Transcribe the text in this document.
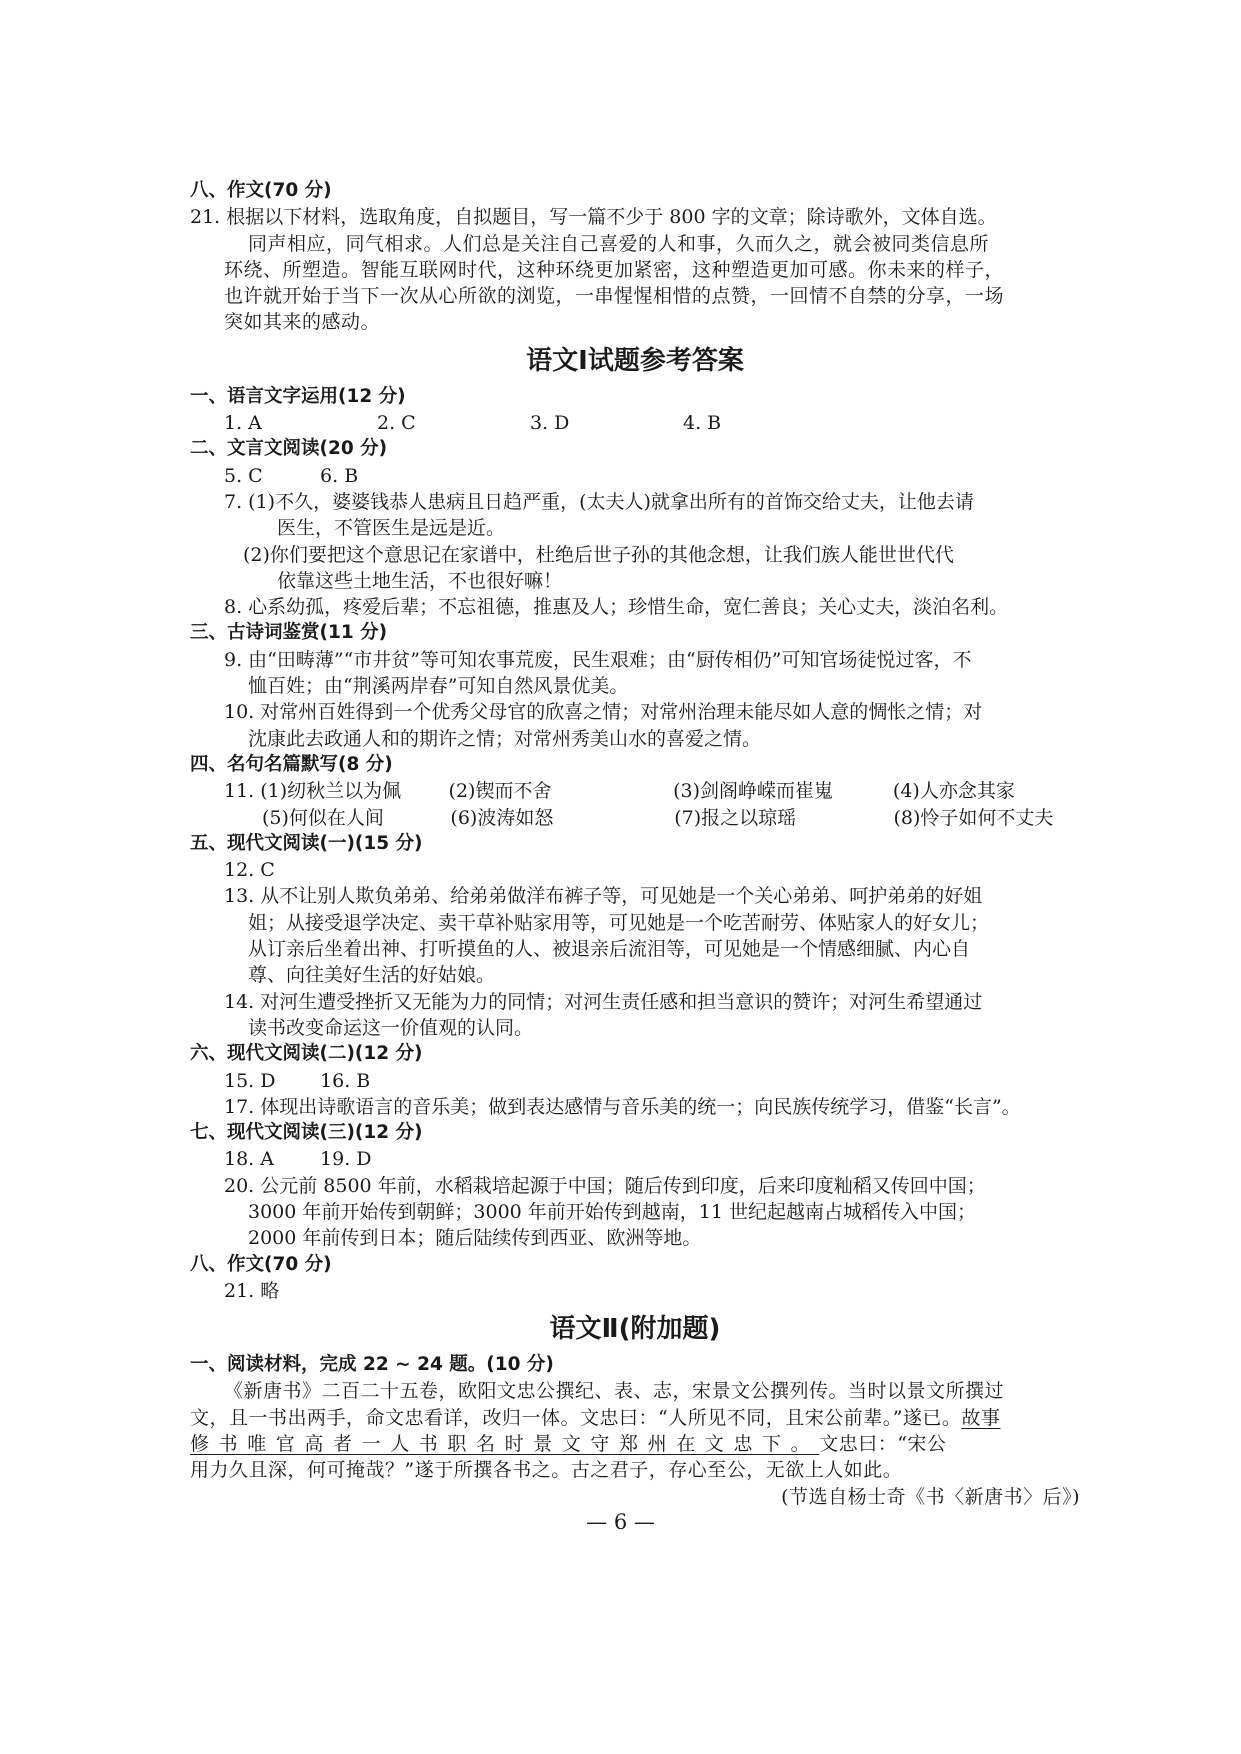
八、作文(70 分)
21. 根据以下材料，选取角度，自拟题目，写一篇不少于 800 字的文章；除诗歌外，文体自选。
同声相应，同气相求。人们总是关注自己喜爱的人和事，久而久之，就会被同类信息所
环绕、所塑造。智能互联网时代，这种环绕更加紧密，这种塑造更加可感。你未来的样子，
也许就开始于当下一次从心所欲的浏览，一串惺惺相惜的点赞，一回情不自禁的分享，一场
突如其来的感动。
语文Ⅰ试题参考答案
一、语言文字运用(12 分)
1. A	2. C	3. D	4. B
二、文言文阅读(20 分)
5. C	6. B
7. (1)不久，婆婆钱恭人患病且日趋严重，(太夫人)就拿出所有的首饰交给丈夫，让他去请
医生，不管医生是远是近。
(2)你们要把这个意思记在家谱中，杜绝后世子孙的其他念想，让我们族人能世世代代
依靠这些土地生活，不也很好嘛！
8. 心系幼孤，疼爱后辈；不忘祖德，推惠及人；珍惜生命，宽仁善良；关心丈夫，淡泊名利。
三、古诗词鉴赏(11 分)
9. 由“田畴薄”“市井贫”等可知农事荒废，民生艰难；由“厨传相仍”可知官场徒悦过客，不
恤百姓；由“荆溪两岸春”可知自然风景优美。
10. 对常州百姓得到一个优秀父母官的欣喜之情；对常州治理未能尽如人意的惆怅之情；对
沈康此去政通人和的期许之情；对常州秀美山水的喜爱之情。
四、名句名篇默写(8 分)
11. (1)纫秋兰以为佩	(2)锲而不舍	(3)剑阁峥嵘而崔嵬	(4)人亦念其家
(5)何似在人间	(6)波涛如怒	(7)报之以琼瑶	(8)怜子如何不丈夫
五、现代文阅读(一)(15 分)
12. C
13. 从不让别人欺负弟弟、给弟弟做洋布裤子等，可见她是一个关心弟弟、呵护弟弟的好姐
姐；从接受退学决定、卖干草补贴家用等，可见她是一个吃苦耐劳、体贴家人的好女儿；
从订亲后坐着出神、打听摸鱼的人、被退亲后流泪等，可见她是一个情感细腻、内心自
尊、向往美好生活的好姑娘。
14. 对河生遭受挫折又无能为力的同情；对河生责任感和担当意识的赞许；对河生希望通过
读书改变命运这一价值观的认同。
六、现代文阅读(二)(12 分)
15. D 16. B
17. 体现出诗歌语言的音乐美；做到表达感情与音乐美的统一；向民族传统学习，借鉴“长言”。
七、现代文阅读(三)(12 分)
18. A 19. D
20. 公元前 8500 年前，水稻栽培起源于中国；随后传到印度，后来印度籼稻又传回中国；
3000 年前开始传到朝鲜；3000 年前开始传到越南，11 世纪起越南占城稻传入中国；
2000 年前传到日本；随后陆续传到西亚、欧洲等地。
八、作文(70 分)
21. 略
语文Ⅱ(附加题)
一、阅读材料，完成 22 ~ 24 题。(10 分)
《新唐书》二百二十五卷，欧阳文忠公撰纪、表、志，宋景文公撰列传。当时以景文所撰过
文，且一书出两手，命文忠看详，改归一体。文忠曰：“人所见不同，且宋公前辈。”遂已。故事
修书唯官高者一人书职名时景文守郑州在文忠下。文忠曰：“宋公
用力久且深，何可掩哉？”遂于所撰各书之。古之君子，存心至公，无欲上人如此。
(节选自杨士奇《书〈新唐书〉后》)
— 6 —
